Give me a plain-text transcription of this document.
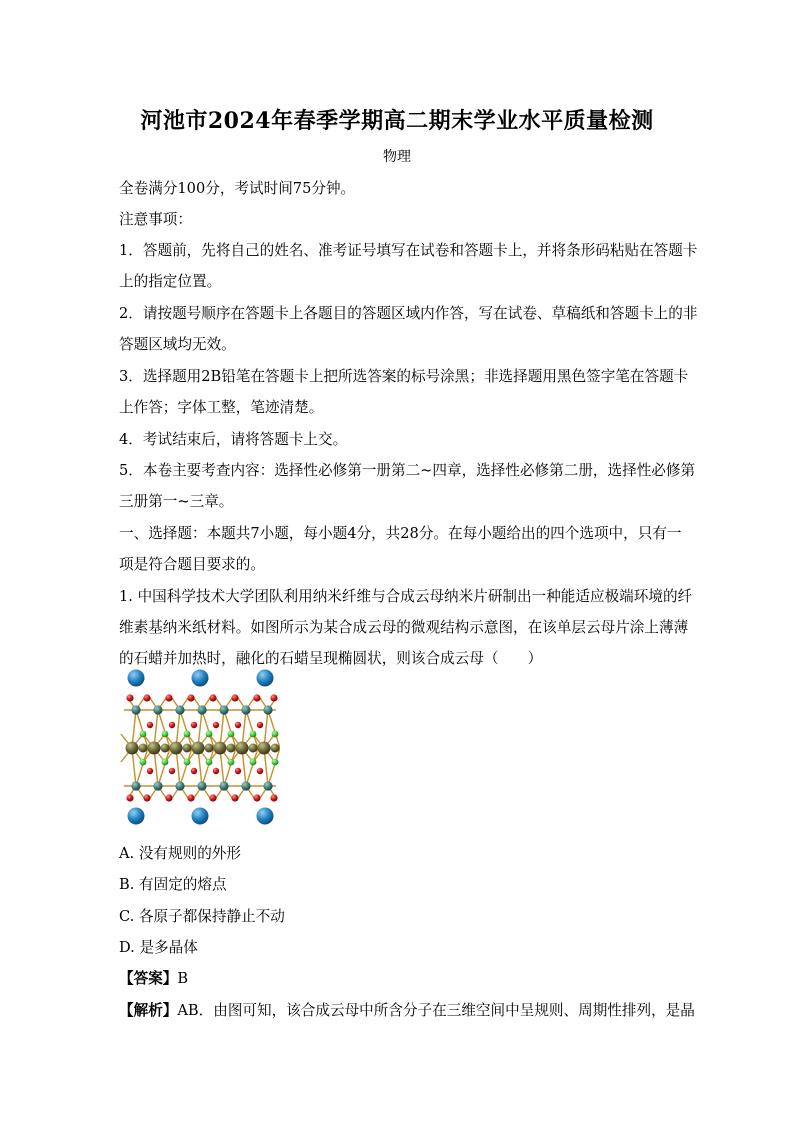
河池市2024年春季学期高二期末学业水平质量检测
物理
全卷满分100分，考试时间75分钟。
注意事项：
1．答题前，先将自己的姓名、准考证号填写在试卷和答题卡上，并将条形码粘贴在答题卡
上的指定位置。
2．请按题号顺序在答题卡上各题目的答题区域内作答，写在试卷、草稿纸和答题卡上的非
答题区域均无效。
3．选择题用2B铅笔在答题卡上把所选答案的标号涂黑；非选择题用黑色签字笔在答题卡
上作答；字体工整，笔迹清楚。
4．考试结束后，请将答题卡上交。
5．本卷主要考查内容：选择性必修第一册第二~四章，选择性必修第二册，选择性必修第
三册第一~三章。
一、选择题：本题共7小题，每小题4分，共28分。在每小题给出的四个选项中，只有一
项是符合题目要求的。
1. 中国科学技术大学团队利用纳米纤维与合成云母纳米片研制出一种能适应极端环境的纤
维素基纳米纸材料。如图所示为某合成云母的微观结构示意图，在该单层云母片涂上薄薄
的石蜡并加热时，融化的石蜡呈现椭圆状，则该合成云母（　　）
A. 没有规则的外形
B. 有固定的熔点
C. 各原子都保持静止不动
D. 是多晶体
【答案】B
【解析】AB．由图可知，该合成云母中所含分子在三维空间中呈规则、周期性排列，是晶
